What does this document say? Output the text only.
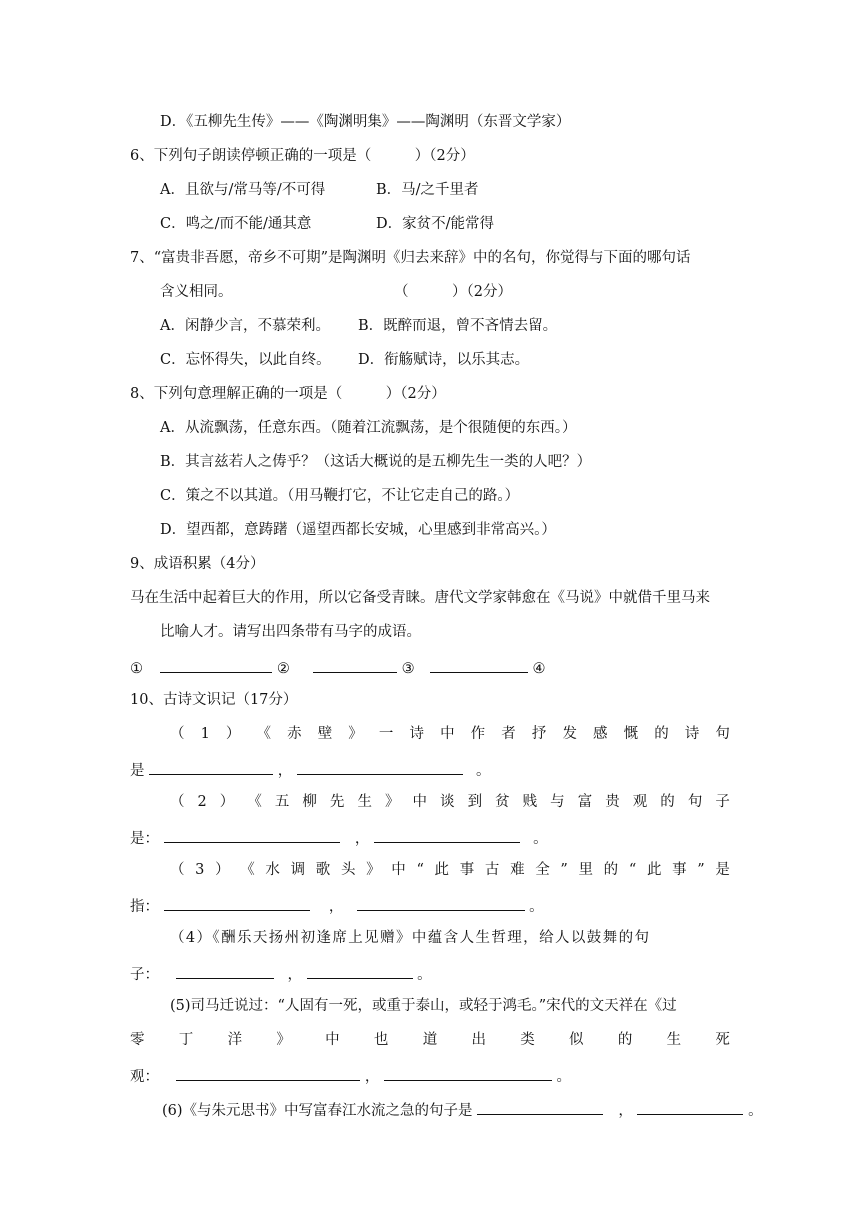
D．《五柳先生传》——《陶渊明集》——陶渊明（东晋文学家）
6、下列句子朗读停顿正确的一项是（　　　）（2分）
A．且欲与/常马等/不可得	B．马/之千里者
C．鸣之/而不能/通其意	D．家贫不/能常得
7、“富贵非吾愿，帝乡不可期”是陶渊明《归去来辞》中的名句，你觉得与下面的哪句话
含义相同。	（　　　）（2分）
A．闲静少言，不慕荣利。 B．既醉而退，曾不吝情去留。
C．忘怀得失，以此自终。 D．衔觞赋诗，以乐其志。
8、下列句意理解正确的一项是（　　　）（2分）
A．从流飘荡，任意东西。（随着江流飘荡，是个很随便的东西。）
B．其言兹若人之俦乎？（这话大概说的是五柳先生一类的人吧？）
C．策之不以其道。（用马鞭打它，不让它走自己的路。）
D．望西都，意踌躇（遥望西都长安城，心里感到非常高兴。）
9、成语积累（4分）
马在生活中起着巨大的作用，所以它备受青睐。唐代文学家韩愈在《马说》中就借千里马来
比喻人才。请写出四条带有马字的成语。
①	②	③	④
10、古诗文识记（17分）
（ 1 ） 《 赤 壁 》 一 诗 中 作 者 抒 发 感 慨 的 诗 句
是	，	。
（ 2 ） 《 五 柳 先 生 》 中 谈 到 贫 贱 与 富 贵 观 的 句 子
是：	，	。
（ 3 ） 《 水 调 歌 头 》 中 “ 此 事 古 难 全 ” 里 的 “ 此 事 ” 是
指：	，	。
（4）《酬乐天扬州初逢席上见赠》中蕴含人生哲理，给人以鼓舞的句
子：	，	。
(5)司马迁说过：“人固有一死，或重于泰山，或轻于鸿毛。”宋代的文天祥在《过
零 丁 洋 》 中 也 道 出 类 似 的 生 死
观：	，	。
(6)《与朱元思书》中写富春江水流之急的句子是	，	。
